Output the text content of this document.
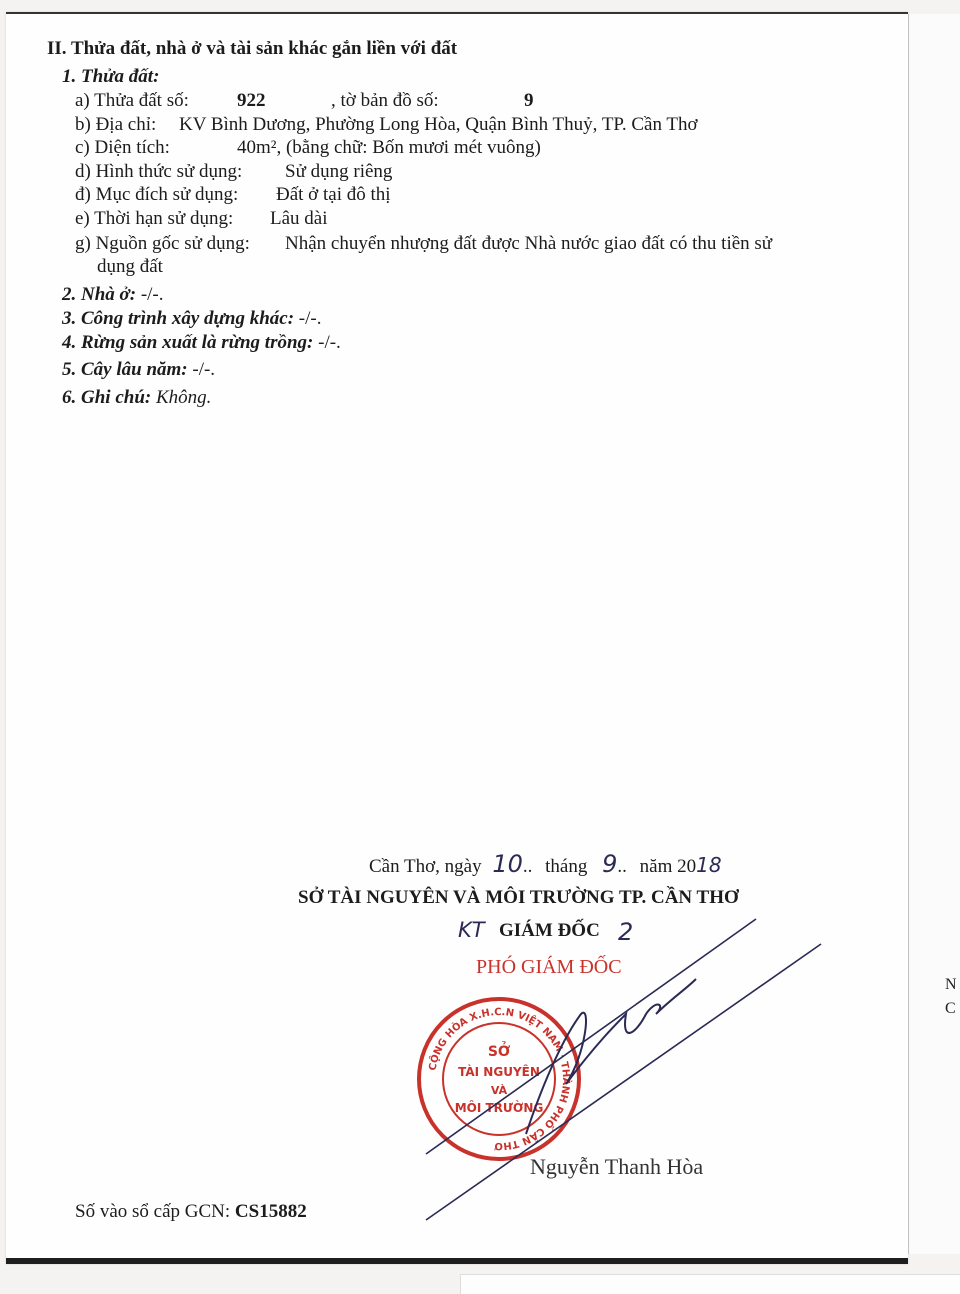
N
C
II. Thửa đất, nhà ở và tài sản khác gắn liền với đất
1. Thửa đất:
a) Thửa đất số:	922	, tờ bản đồ số:	9
b) Địa chỉ: KV Bình Dương, Phường Long Hòa, Quận Bình Thuỷ, TP. Cần Thơ
c) Diện tích:	40m², (bằng chữ: Bốn mươi mét vuông)
d) Hình thức sử dụng: Sử dụng riêng
đ) Mục đích sử dụng: Đất ở tại đô thị
e) Thời hạn sử dụng: Lâu dài
g) Nguồn gốc sử dụng: Nhận chuyển nhượng đất được Nhà nước giao đất có thu tiền sử
dụng đất
2. Nhà ở: -/-.
3. Công trình xây dựng khác: -/-.
4. Rừng sản xuất là rừng trồng: -/-.
5. Cây lâu năm: -/-.
6. Ghi chú: Không.
Cần Thơ, ngày 10.. tháng 9.. năm 2018
SỞ TÀI NGUYÊN VÀ MÔI TRƯỜNG TP. CẦN THƠ
KT GIÁM ĐỐC 2
PHÓ GIÁM ĐỐC
CỘNG HÒA X.H.C.N VIỆT NAM · THÀNH PHỐ CẦN THƠ
SỞ
TÀI NGUYÊN
VÀ
MÔI TRƯỜNG
Nguyễn Thanh Hòa
Số vào sổ cấp GCN: CS15882
